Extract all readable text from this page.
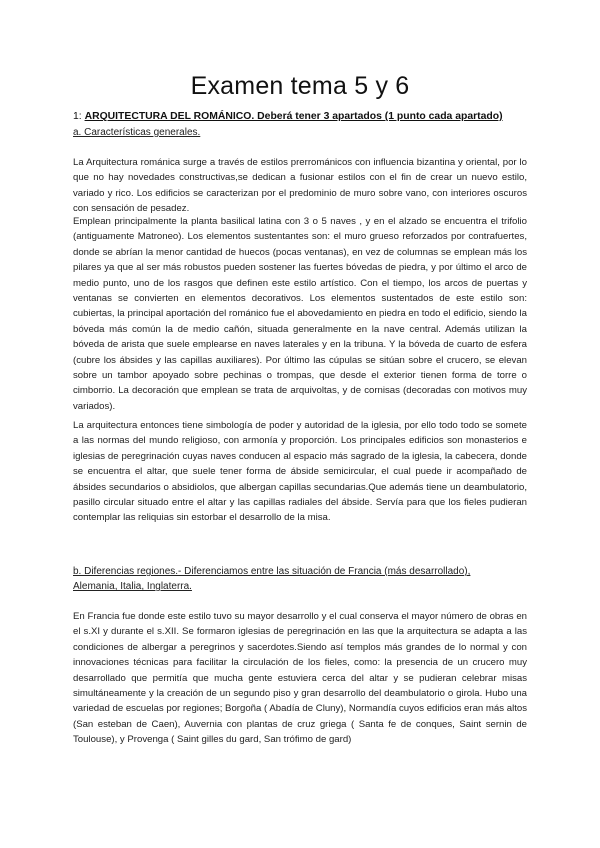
Examen tema 5 y 6
1: ARQUITECTURA DEL ROMÁNICO. Deberá tener 3 apartados (1 punto cada apartado)
a. Características generales.

La Arquitectura románica surge a través de estilos prerrománicos con influencia bizantina y oriental, por lo que no hay novedades constructivas,se dedican a fusionar estilos con el fin de crear un nuevo estilo, variado y rico. Los edificios se caracterizan por el predominio de muro sobre vano, con interiores oscuros con sensación de pesadez.

Emplean principalmente la planta basilical latina con 3 o 5 naves , y en el alzado se encuentra el trifolio (antiguamente Matroneo). Los elementos sustentantes son: el muro grueso reforzados por contrafuertes, donde se abrían la menor cantidad de huecos (pocas ventanas), en vez de columnas se emplean más los pilares ya que al ser más robustos pueden sostener las fuertes bóvedas de piedra, y por último el arco de medio punto, uno de los rasgos que definen este estilo artístico. Con el tiempo, los arcos de puertas y ventanas se convierten en elementos decorativos. Los elementos sustentados de este estilo son: cubiertas, la principal aportación del románico fue el abovedamiento en piedra en todo el edificio, siendo la bóveda más común la de medio cañón, situada generalmente en la nave central. Además utilizan la bóveda de arista que suele emplearse en naves laterales y en la tribuna. Y la bóveda de cuarto de esfera (cubre los ábsides y las capillas auxiliares). Por último las cúpulas se sitúan sobre el crucero, se elevan sobre un tambor apoyado sobre pechinas o trompas, que desde el exterior tienen forma de torre o cimborrio. La decoración que emplean se trata de arquivoltas, y de cornisas (decoradas con motivos muy variados).

La arquitectura entonces tiene simbología de poder y autoridad de la iglesia, por ello todo todo se somete a las normas del mundo religioso, con armonía y proporción. Los principales edificios son monasterios e iglesias de peregrinación cuyas naves conducen al espacio más sagrado de la iglesia, la cabecera, donde se encuentra el altar, que suele tener forma de ábside semicircular, el cual puede ir acompañado de ábsides secundarios o absidiolos, que albergan capillas secundarias.Que además tiene un deambulatorio, pasillo circular situado entre el altar y las capillas radiales del ábside. Servía para que los fieles pudieran contemplar las reliquias sin estorbar el desarrollo de la misa.

b. Diferencias regiones.- Diferenciamos entre las situación de Francia (más desarrollado),
Alemania, Italia, Inglaterra.

En Francia fue donde este estilo tuvo su mayor desarrollo y el cual conserva el mayor número de obras en el s.XI y durante el s.XII. Se formaron iglesias de peregrinación en las que la arquitectura se adapta a las condiciones de albergar a peregrinos y sacerdotes.Siendo así templos más grandes de lo normal y con innovaciones técnicas para facilitar la circulación de los fieles, como: la presencia de un crucero muy desarrollado que permitía que mucha gente estuviera cerca del altar y se pudieran celebrar misas simultáneamente y la creación de un segundo piso y gran desarrollo del deambulatorio o girola. Hubo una variedad de escuelas por regiones; Borgoña ( Abadía de Cluny), Normandía cuyos edificios eran más altos (San esteban de Caen), Auvernia con plantas de cruz griega ( Santa fe de conques, Saint sernin de Toulouse), y Provenga ( Saint gilles du gard, San trófimo de gard)
